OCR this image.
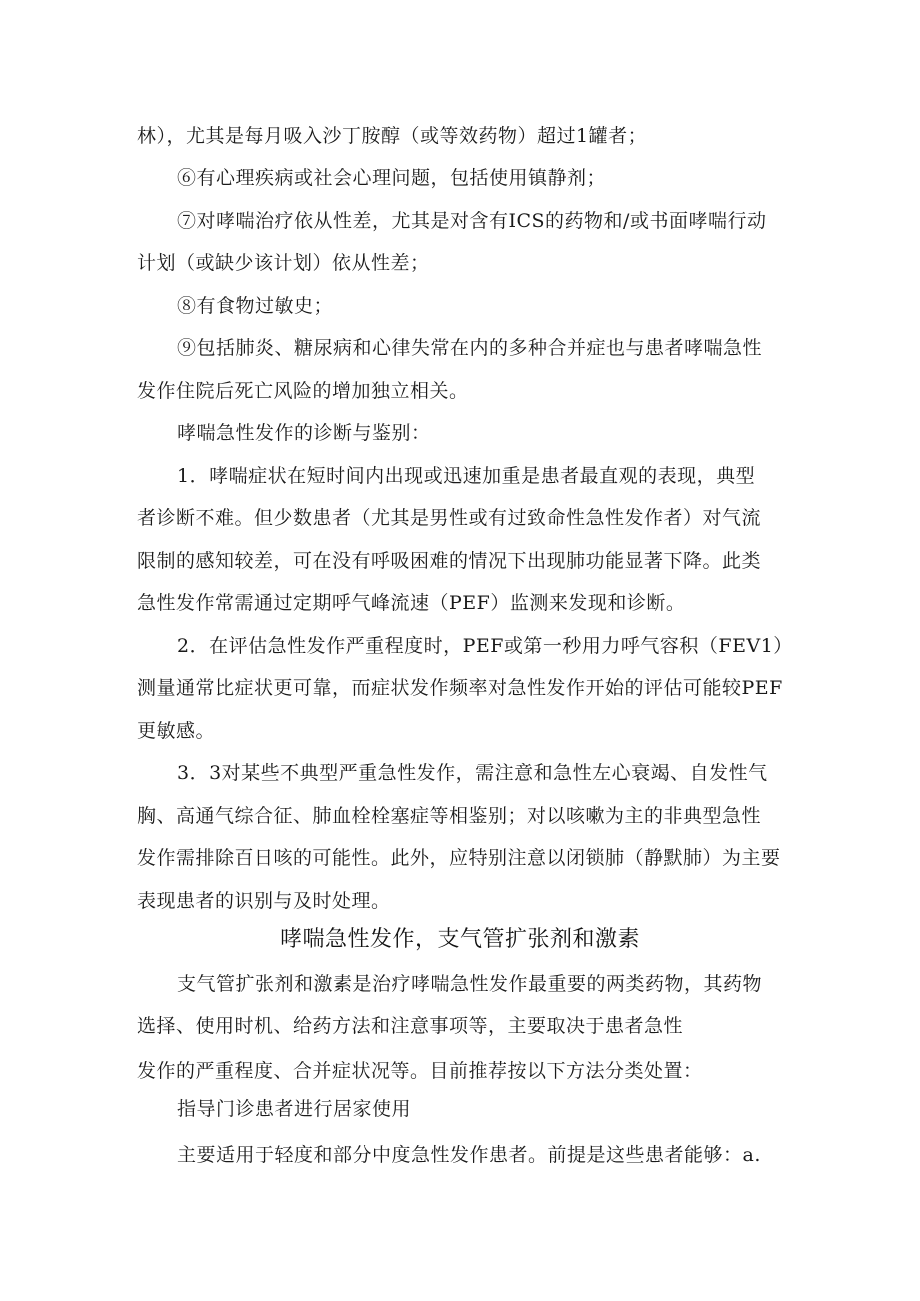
林），尤其是每月吸入沙丁胺醇（或等效药物）超过1罐者；
⑥有心理疾病或社会心理问题，包括使用镇静剂；
⑦对哮喘治疗依从性差，尤其是对含有ICS的药物和/或书面哮喘行动
计划（或缺少该计划）依从性差；
⑧有食物过敏史；
⑨包括肺炎、糖尿病和心律失常在内的多种合并症也与患者哮喘急性
发作住院后死亡风险的增加独立相关。
哮喘急性发作的诊断与鉴别：
1．哮喘症状在短时间内出现或迅速加重是患者最直观的表现，典型
者诊断不难。但少数患者（尤其是男性或有过致命性急性发作者）对气流
限制的感知较差，可在没有呼吸困难的情况下出现肺功能显著下降。此类
急性发作常需通过定期呼气峰流速（PEF）监测来发现和诊断。
2．在评估急性发作严重程度时，PEF或第一秒用力呼气容积（FEV1）
测量通常比症状更可靠，而症状发作频率对急性发作开始的评估可能较PEF
更敏感。
3．3对某些不典型严重急性发作，需注意和急性左心衰竭、自发性气
胸、高通气综合征、肺血栓栓塞症等相鉴别；对以咳嗽为主的非典型急性
发作需排除百日咳的可能性。此外，应特别注意以闭锁肺（静默肺）为主要
表现患者的识别与及时处理。
哮喘急性发作，支气管扩张剂和激素
支气管扩张剂和激素是治疗哮喘急性发作最重要的两类药物，其药物
选择、使用时机、给药方法和注意事项等，主要取决于患者急性
发作的严重程度、合并症状况等。目前推荐按以下方法分类处置：
指导门诊患者进行居家使用
主要适用于轻度和部分中度急性发作患者。前提是这些患者能够：a.
